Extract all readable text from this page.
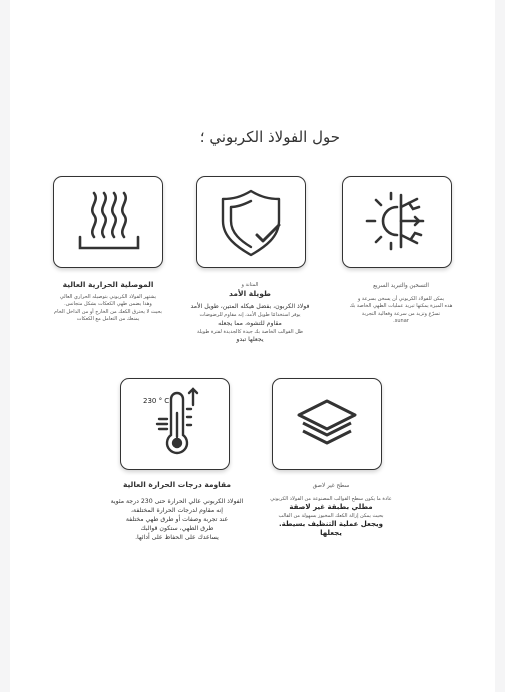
حول الفولاذ الكربوني ؛
230 ° C
الموصلية الحرارية العالية
يشتهر الفولاذ الكربوني بتوصيله الحراري العالي
وهذا يضمن طهي الكعكات بشكل متجانس.
بحيث لا يحترق الكعك من الخارج أو من الداخل الخام
يمنعك من التعامل مع الكعكات
المتانة و
طويلة الأمد
فولاذ الكربون، بفضل هيكله المتين، طويل الأمد
يوفر استخدامًا طويل الأمد، إنه مقاوم للرضوضات
مقاوم للتشوه، مما يجعله
ظل القوالب الخاصة بك جيدة كالجديدة لفترة طويلة
يجعلها تبدو
التسخين والتبريد السريع
يمكن للفولاذ الكربوني أن يسخن بسرعة و
هذه الميزة يمكنها تبريد عمليات الطهي الخاصة بك
تسرّع وتزيد من سرعة وفعالية التجربة
sunar.
مقاومة درجات الحرارة العالية
الفولاذ الكربوني عالي الحرارة حتى 230 درجة مئوية
إنه مقاوم لدرجات الحرارة المختلفة،
عند تجربة وصفات أو طرق طهي مختلفة
طرق الطهي، ستكون قوالبك
يساعدك على الحفاظ على أدائها.
سطح غير لاصق
عادة ما يكون سطح القوالب المصنوعة من الفولاذ الكربوني
مطلي بطبقة غير لاصقة
بحيث يمكن إزالة الكعك المخبوز بسهولة من القالب
ويجعل عملية التنظيف بسيطة.
يجعلها
